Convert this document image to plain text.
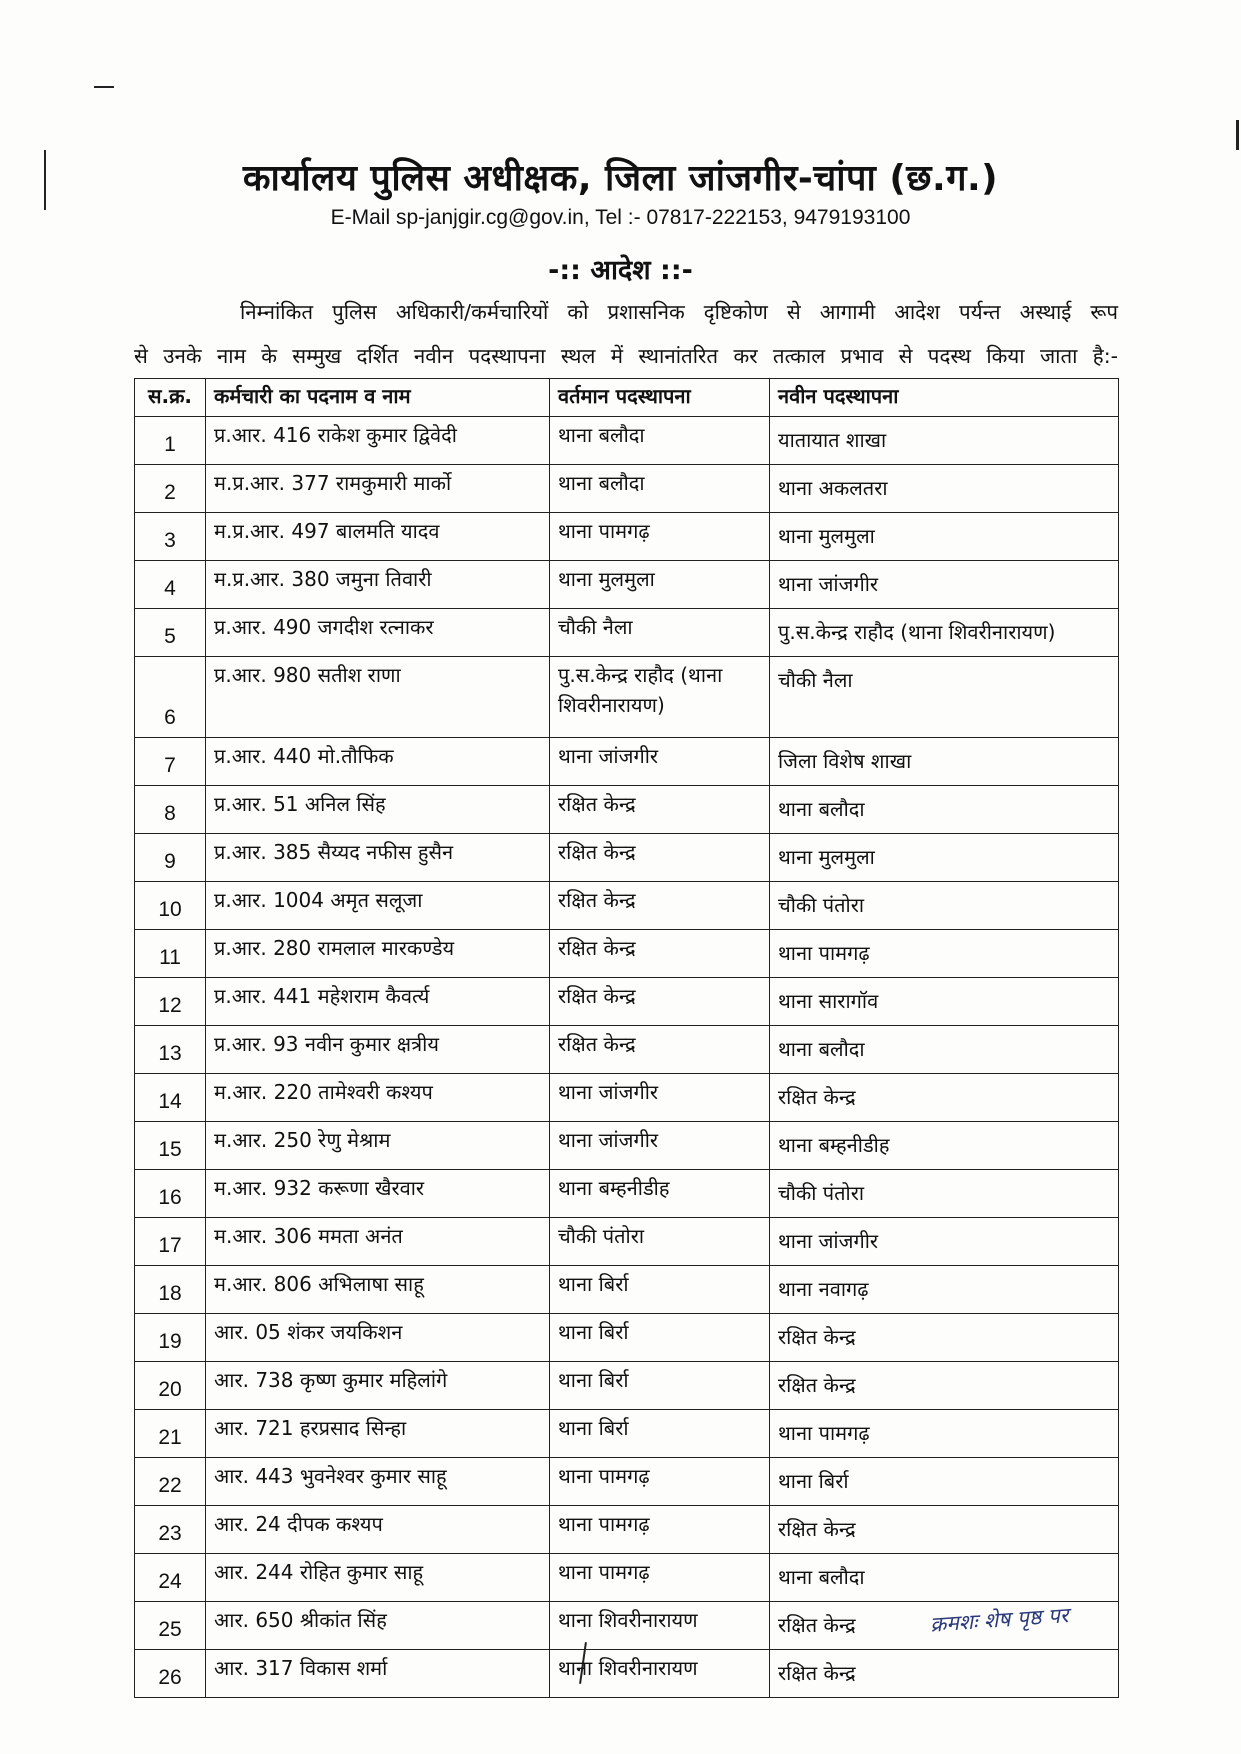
कार्यालय पुलिस अधीक्षक, जिला जांजगीर-चांपा (छ.ग.)
E-Mail sp-janjgir.cg@gov.in, Tel :- 07817-222153, 9479193100
-:: आदेश ::-
निम्नांकित पुलिस अधिकारी/कर्मचारियों को प्रशासनिक दृष्टिकोण से आगामी आदेश पर्यन्त अस्थाई रूप
से उनके नाम के सम्मुख दर्शित नवीन पदस्थापना स्थल में स्थानांतरित कर तत्काल प्रभाव से पदस्थ किया जाता है:-
स.क्र.	कर्मचारी का पदनाम व नाम	वर्तमान पदस्थापना	नवीन पदस्थापना
1	प्र.आर. 416 राकेश कुमार द्विवेदी	थाना बलौदा	यातायात शाखा
2	म.प्र.आर. 377 रामकुमारी मार्को	थाना बलौदा	थाना अकलतरा
3	म.प्र.आर. 497 बालमति यादव	थाना पामगढ़	थाना मुलमुला
4	म.प्र.आर. 380 जमुना तिवारी	थाना मुलमुला	थाना जांजगीर
5	प्र.आर. 490 जगदीश रत्नाकर	चौकी नैला	पु.स.केन्द्र राहौद (थाना शिवरीनारायण)
6	प्र.आर. 980 सतीश राणा	पु.स.केन्द्र राहौद (थाना शिवरीनारायण)	चौकी नैला
7	प्र.आर. 440 मो.तौफिक	थाना जांजगीर	जिला विशेष शाखा
8	प्र.आर. 51 अनिल सिंह	रक्षित केन्द्र	थाना बलौदा
9	प्र.आर. 385 सैय्यद नफीस हुसैन	रक्षित केन्द्र	थाना मुलमुला
10	प्र.आर. 1004 अमृत सलूजा	रक्षित केन्द्र	चौकी पंतोरा
11	प्र.आर. 280 रामलाल मारकण्डेय	रक्षित केन्द्र	थाना पामगढ़
12	प्र.आर. 441 महेशराम कैवर्त्य	रक्षित केन्द्र	थाना सारागॉव
13	प्र.आर. 93 नवीन कुमार क्षत्रीय	रक्षित केन्द्र	थाना बलौदा
14	म.आर. 220 तामेश्वरी कश्यप	थाना जांजगीर	रक्षित केन्द्र
15	म.आर. 250 रेणु मेश्राम	थाना जांजगीर	थाना बम्हनीडीह
16	म.आर. 932 करूणा खैरवार	थाना बम्हनीडीह	चौकी पंतोरा
17	म.आर. 306 ममता अनंत	चौकी पंतोरा	थाना जांजगीर
18	म.आर. 806 अभिलाषा साहू	थाना बिर्रा	थाना नवागढ़
19	आर. 05 शंकर जयकिशन	थाना बिर्रा	रक्षित केन्द्र
20	आर. 738 कृष्ण कुमार महिलांगे	थाना बिर्रा	रक्षित केन्द्र
21	आर. 721 हरप्रसाद सिन्हा	थाना बिर्रा	थाना पामगढ़
22	आर. 443 भुवनेश्वर कुमार साहू	थाना पामगढ़	थाना बिर्रा
23	आर. 24 दीपक कश्यप	थाना पामगढ़	रक्षित केन्द्र
24	आर. 244 रोहित कुमार साहू	थाना पामगढ़	थाना बलौदा
25	आर. 650 श्रीकांत सिंह	थाना शिवरीनारायण	रक्षित केन्द्र
26	आर. 317 विकास शर्मा	थाना शिवरीनारायण	रक्षित केन्द्र
क्रमशः शेष पृष्ठ पर
